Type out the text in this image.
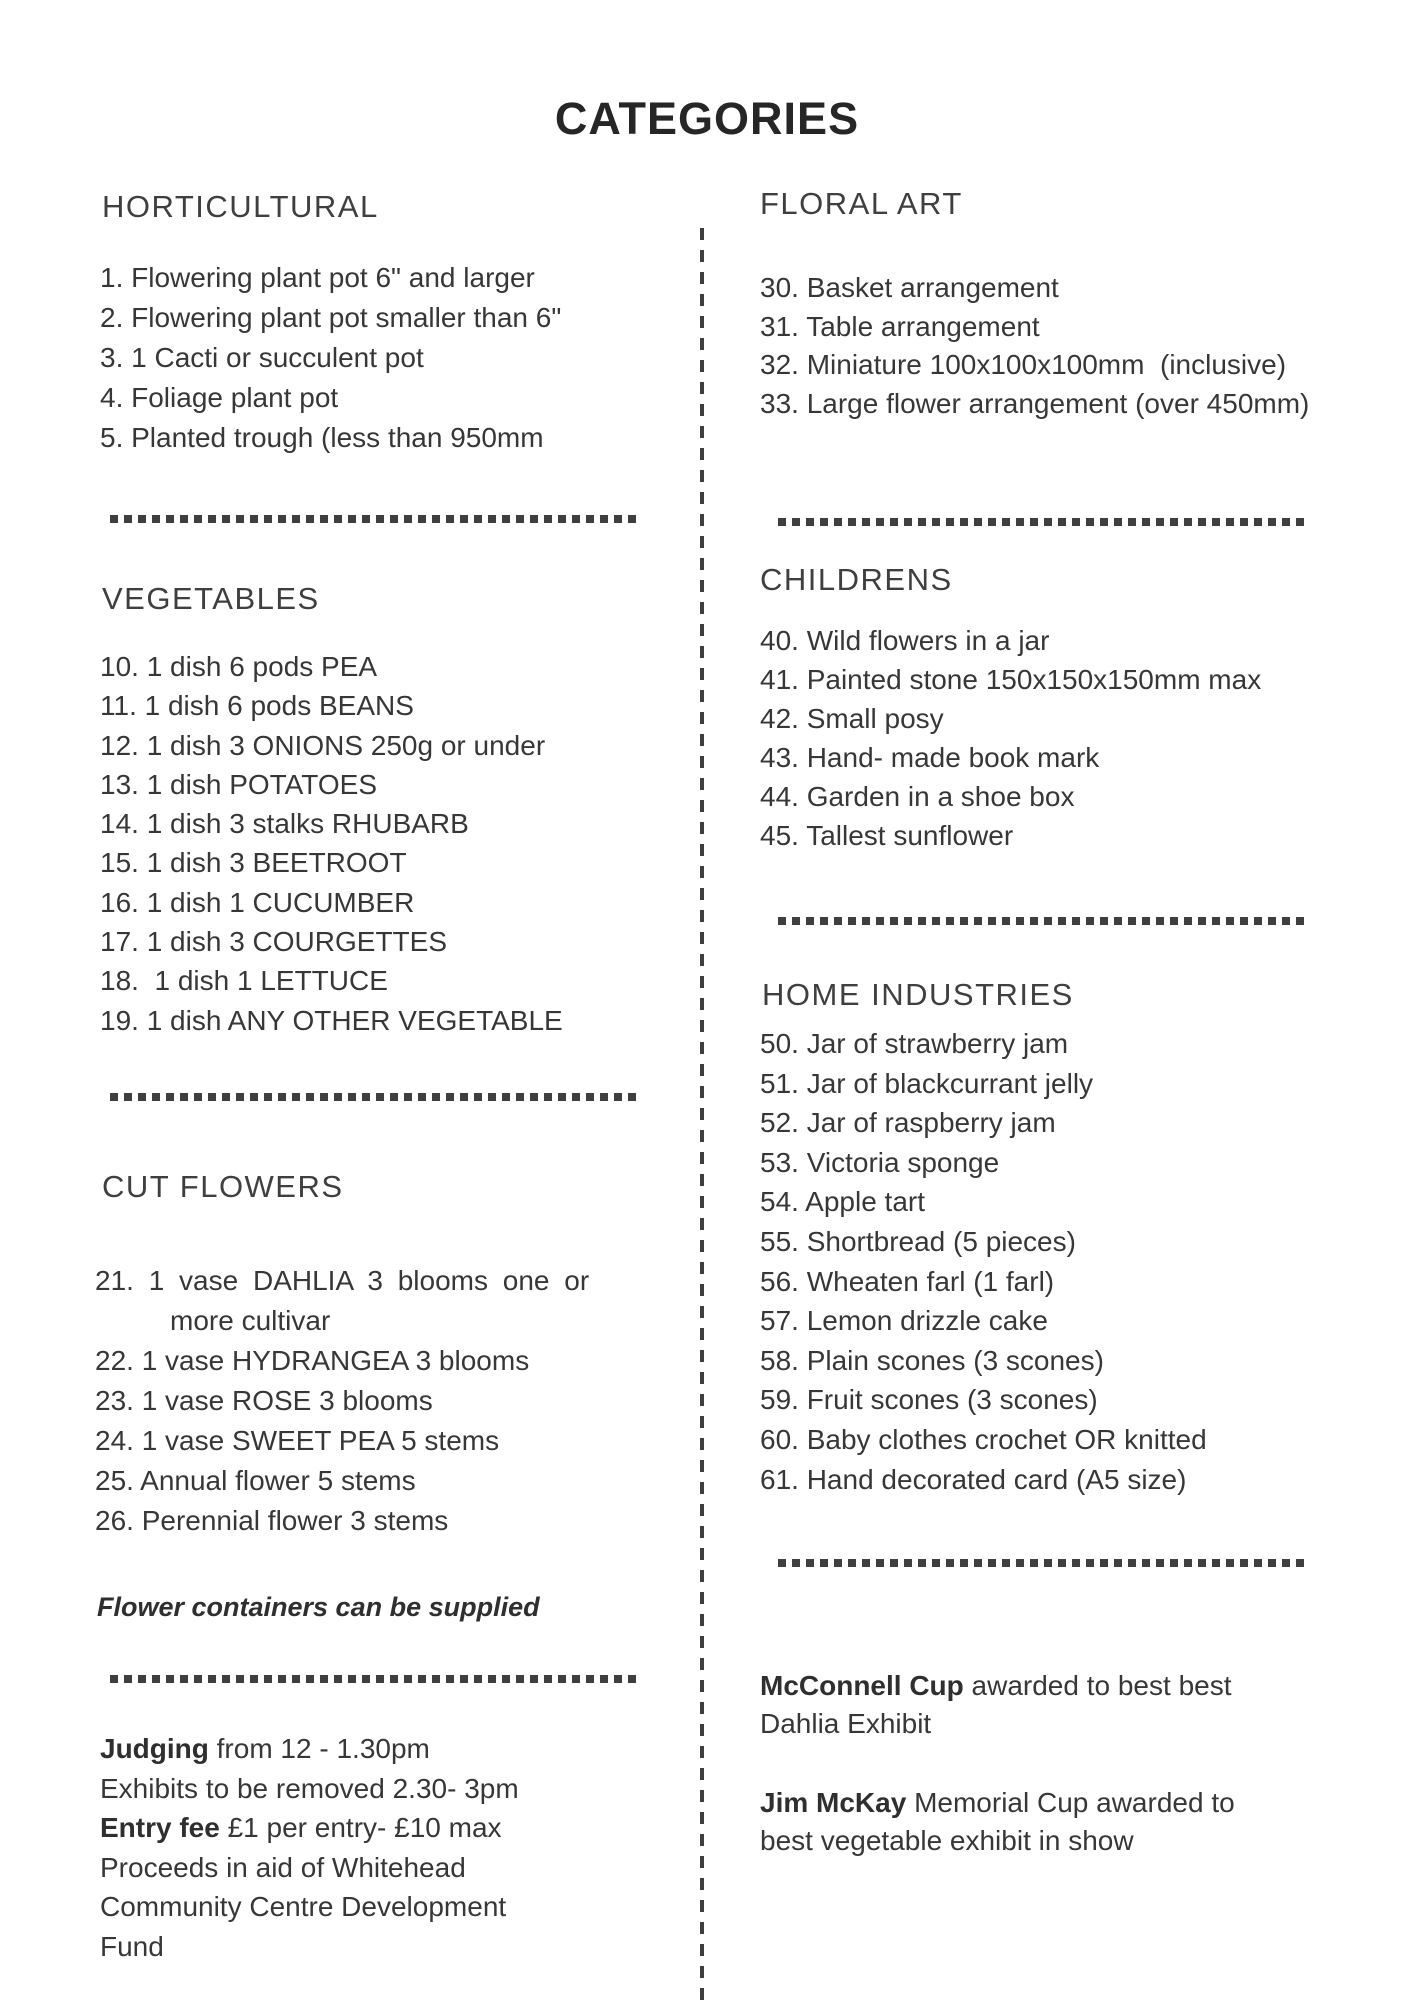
CATEGORIES
HORTICULTURAL
1. Flowering plant pot 6" and larger
2. Flowering plant pot smaller than 6"
3. 1 Cacti or succulent pot
4. Foliage plant pot
5. Planted trough (less than 950mm
VEGETABLES
10. 1 dish 6 pods PEA
11. 1 dish 6 pods BEANS
12. 1 dish 3 ONIONS 250g or under
13. 1 dish POTATOES
14. 1 dish 3 stalks RHUBARB
15. 1 dish 3 BEETROOT
16. 1 dish 1 CUCUMBER
17. 1 dish 3 COURGETTES
18.  1 dish 1 LETTUCE
19. 1 dish ANY OTHER VEGETABLE
CUT FLOWERS
21. 1 vase DAHLIA 3 blooms one or
more cultivar
22. 1 vase HYDRANGEA 3 blooms
23. 1 vase ROSE 3 blooms
24. 1 vase SWEET PEA 5 stems
25. Annual flower 5 stems
26. Perennial flower 3 stems
Flower containers can be supplied
Judging from 12 - 1.30pm
Exhibits to be removed 2.30- 3pm
Entry fee £1 per entry- £10 max
Proceeds in aid of Whitehead
Community Centre Development
Fund
FLORAL ART
30. Basket arrangement
31. Table arrangement
32. Miniature 100x100x100mm  (inclusive)
33. Large flower arrangement (over 450mm)
CHILDRENS
40. Wild flowers in a jar
41. Painted stone 150x150x150mm max
42. Small posy
43. Hand- made book mark
44. Garden in a shoe box
45. Tallest sunflower
HOME INDUSTRIES
50. Jar of strawberry jam
51. Jar of blackcurrant jelly
52. Jar of raspberry jam
53. Victoria sponge
54. Apple tart
55. Shortbread (5 pieces)
56. Wheaten farl (1 farl)
57. Lemon drizzle cake
58. Plain scones (3 scones)
59. Fruit scones (3 scones)
60. Baby clothes crochet OR knitted
61. Hand decorated card (A5 size)
McConnell Cup awarded to best best
Dahlia Exhibit
Jim McKay Memorial Cup awarded to
best vegetable exhibit in show
